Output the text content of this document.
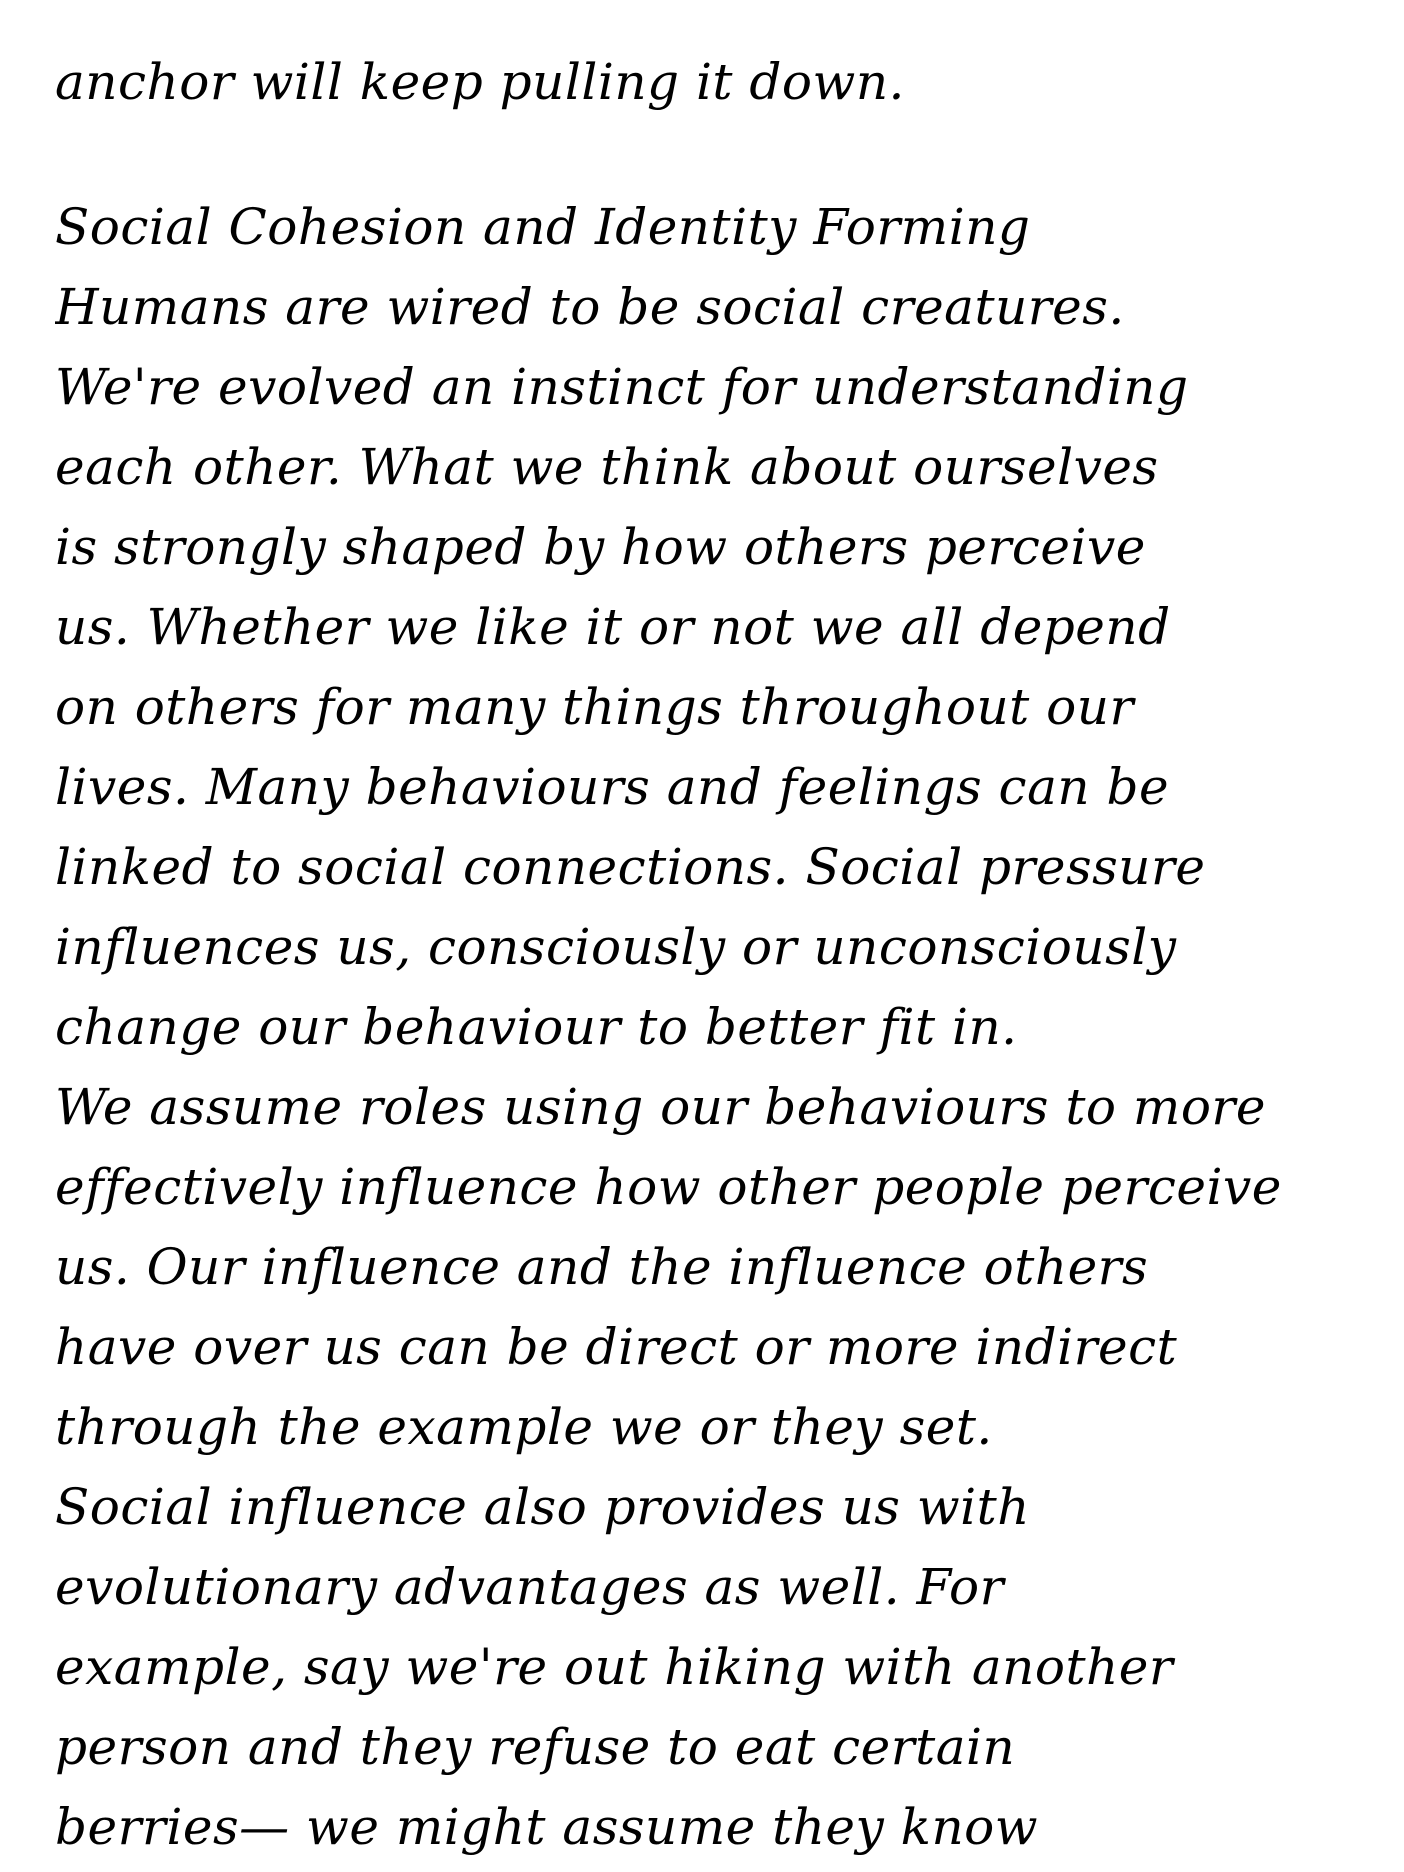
anchor will keep pulling it down.
Social Cohesion and Identity Forming
Humans are wired to be social creatures.
We're evolved an instinct for understanding
each other. What we think about ourselves
is strongly shaped by how others perceive
us. Whether we like it or not we all depend
on others for many things throughout our
lives. Many behaviours and feelings can be
linked to social connections. Social pressure
influences us, consciously or unconsciously
change our behaviour to better fit in.
We assume roles using our behaviours to more
effectively influence how other people perceive
us. Our influence and the influence others
have over us can be direct or more indirect
through the example we or they set.
Social influence also provides us with
evolutionary advantages as well. For
example, say we're out hiking with another
person and they refuse to eat certain
berries— we might assume they know
